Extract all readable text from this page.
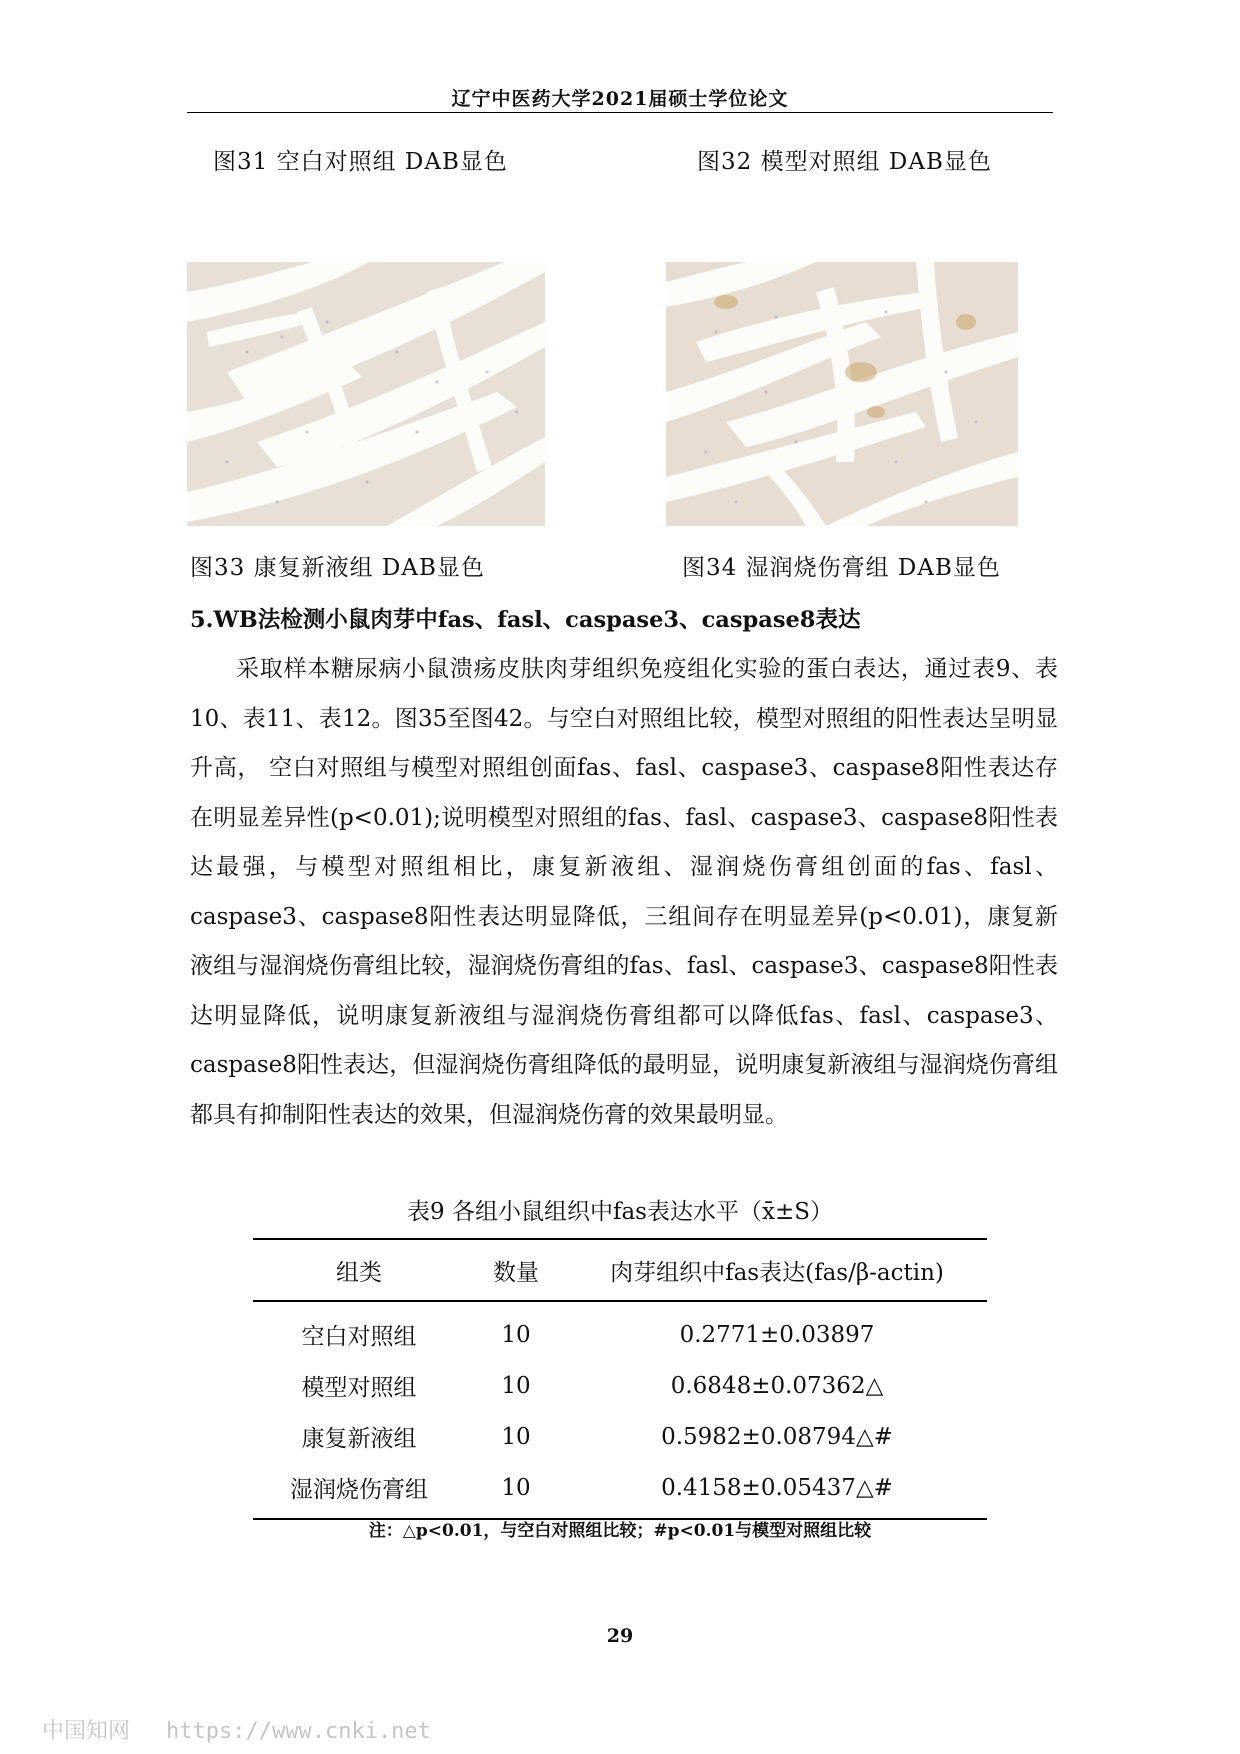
辽宁中医药大学2021届硕士学位论文
图31 空白对照组 DAB显色	图32 模型对照组 DAB显色
图33 康复新液组 DAB显色	图34 湿润烧伤膏组 DAB显色
5.WB法检测小鼠肉芽中fas、fasl、caspase3、caspase8表达

采取样本糖尿病小鼠溃疡皮肤肉芽组织免疫组化实验的蛋白表达，通过表9、表10、表11、表12。图35至图42。与空白对照组比较，模型对照组的阳性表达呈明显升高， 空白对照组与模型对照组创面fas、fasl、caspase3、caspase8阳性表达存在明显差异性(p<0.01);说明模型对照组的fas、fasl、caspase3、caspase8阳性表达最强，与模型对照组相比，康复新液组、湿润烧伤膏组创面的fas、fasl、caspase3、caspase8阳性表达明显降低，三组间存在明显差异(p<0.01)，康复新液组与湿润烧伤膏组比较，湿润烧伤膏组的fas、fasl、caspase3、caspase8阳性表达明显降低，说明康复新液组与湿润烧伤膏组都可以降低fas、fasl、caspase3、caspase8阳性表达，但湿润烧伤膏组降低的最明显，说明康复新液组与湿润烧伤膏组都具有抑制阳性表达的效果，但湿润烧伤膏的效果最明显。

表9 各组小鼠组织中fas表达水平（x̄±S）
组类	数量	肉芽组织中fas表达(fas/β-actin)
空白对照组	10	0.2771±0.03897
模型对照组	10	0.6848±0.07362△
康复新液组	10	0.5982±0.08794△#
湿润烧伤膏组	10	0.4158±0.05437△#
注：△p<0.01，与空白对照组比较；#p<0.01与模型对照组比较
29
中国知网 https://www.cnki.net
